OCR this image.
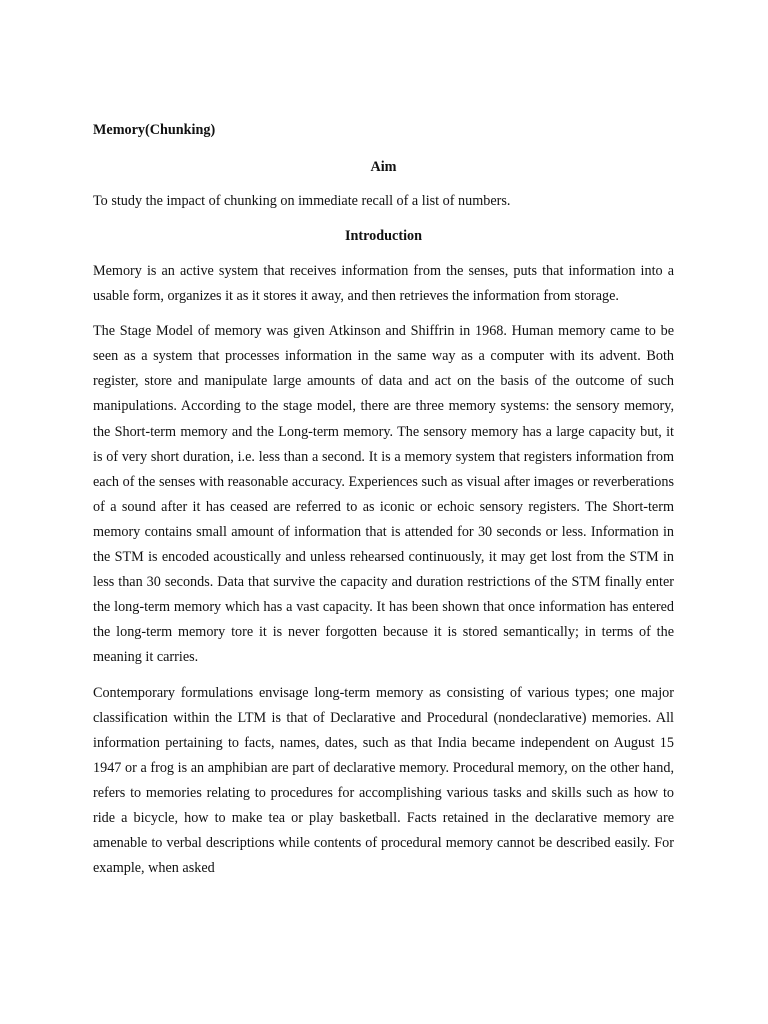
Memory(Chunking)

Aim

To study the impact of chunking on immediate recall of a list of numbers.

Introduction

Memory is an active system that receives information from the senses, puts that information into a usable form, organizes it as it stores it away, and then retrieves the information from storage.

The Stage Model of memory was given Atkinson and Shiffrin in 1968. Human memory came to be seen as a system that processes information in the same way as a computer with its advent. Both register, store and manipulate large amounts of data and act on the basis of the outcome of such manipulations. According to the stage model, there are three memory systems: the sensory memory, the Short-term memory and the Long-term memory. The sensory memory has a large capacity but, it is of very short duration, i.e. less than a second. It is a memory system that registers information from each of the senses with reasonable accuracy. Experiences such as visual after images or reverberations of a sound after it has ceased are referred to as iconic or echoic sensory registers. The Short-term memory contains small amount of information that is attended for 30 seconds or less. Information in the STM is encoded acoustically and unless rehearsed continuously, it may get lost from the STM in less than 30 seconds. Data that survive the capacity and duration restrictions of the STM finally enter the long-term memory which has a vast capacity. It has been shown that once information has entered the long-term memory tore it is never forgotten because it is stored semantically; in terms of the meaning it carries.

Contemporary formulations envisage long-term memory as consisting of various types; one major classification within the LTM is that of Declarative and Procedural (nondeclarative) memories. All information pertaining to facts, names, dates, such as that India became independent on August 15 1947 or a frog is an amphibian are part of declarative memory. Procedural memory, on the other hand, refers to memories relating to procedures for accomplishing various tasks and skills such as how to ride a bicycle, how to make tea or play basketball. Facts retained in the declarative memory are amenable to verbal descriptions while contents of procedural memory cannot be described easily. For example, when asked
